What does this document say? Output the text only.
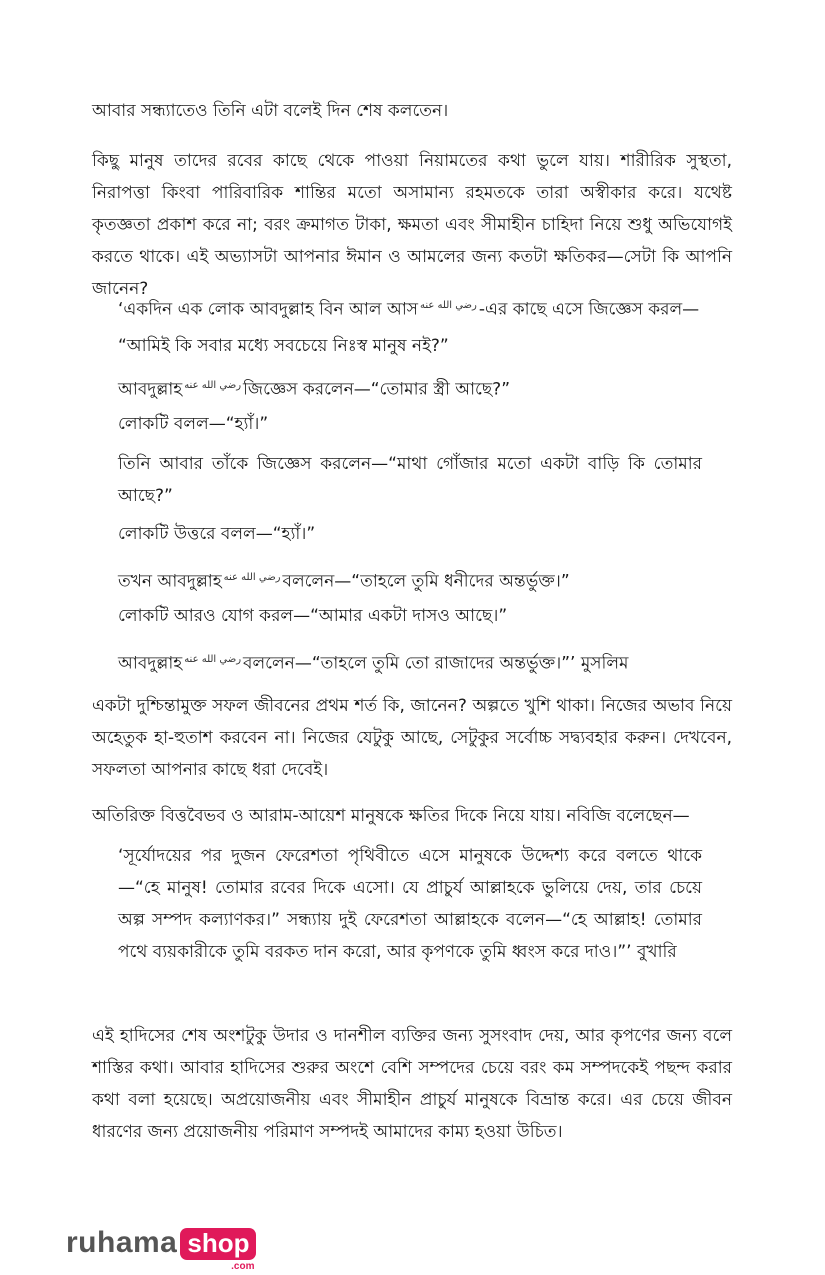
আবার সন্ধ্যাতেও তিনি এটা বলেই দিন শেষ কলতেন।
কিছু মানুষ তাদের রবের কাছে থেকে পাওয়া নিয়ামতের কথা ভুলে যায়। শারীরিক সুস্থতা, নিরাপত্তা কিংবা পারিবারিক শান্তির মতো অসামান্য রহমতকে তারা অস্বীকার করে। যথেষ্ট কৃতজ্ঞতা প্রকাশ করে না; বরং ক্রমাগত টাকা, ক্ষমতা এবং সীমাহীন চাহিদা নিয়ে শুধু অভিযোগই করতে থাকে। এই অভ্যাসটা আপনার ঈমান ও আমলের জন্য কতটা ক্ষতিকর—সেটা কি আপনি জানেন?
‘একদিন এক লোক আবদুল্লাহ বিন আল আস رضي الله عنه -এর কাছে এসে জিজ্ঞেস করল—
“আমিই কি সবার মধ্যে সবচেয়ে নিঃস্ব মানুষ নই?”
আবদুল্লাহ رضي الله عنه জিজ্ঞেস করলেন—“তোমার স্ত্রী আছে?”
লোকটি বলল—“হ্যাঁ।”
তিনি আবার তাঁকে জিজ্ঞেস করলেন—“মাথা গোঁজার মতো একটা বাড়ি কি তোমার আছে?”
লোকটি উত্তরে বলল—“হ্যাঁ।”
তখন আবদুল্লাহ رضي الله عنه বললেন—“তাহলে তুমি ধনীদের অন্তর্ভুক্ত।”
লোকটি আরও যোগ করল—“আমার একটা দাসও আছে।”
আবদুল্লাহ رضي الله عنه বললেন—“তাহলে তুমি তো রাজাদের অন্তর্ভুক্ত।”’ মুসলিম
একটা দুশ্চিন্তামুক্ত সফল জীবনের প্রথম শর্ত কি, জানেন? অল্পতে খুশি থাকা। নিজের অভাব নিয়ে অহেতুক হা-হুতাশ করবেন না। নিজের যেটুকু আছে, সেটুকুর সর্বোচ্চ সদ্ব্যবহার করুন। দেখবেন, সফলতা আপনার কাছে ধরা দেবেই।
অতিরিক্ত বিত্তবৈভব ও আরাম-আয়েশ মানুষকে ক্ষতির দিকে নিয়ে যায়। নবিজি বলেছেন—
‘সূর্যোদয়ের পর দুজন ফেরেশতা পৃথিবীতে এসে মানুষকে উদ্দেশ্য করে বলতে থাকে—“হে মানুষ! তোমার রবের দিকে এসো। যে প্রাচুর্য আল্লাহকে ভুলিয়ে দেয়, তার চেয়ে অল্প সম্পদ কল্যাণকর।” সন্ধ্যায় দুই ফেরেশতা আল্লাহকে বলেন—“হে আল্লাহ! তোমার পথে ব্যয়কারীকে তুমি বরকত দান করো, আর কৃপণকে তুমি ধ্বংস করে দাও।”’ বুখারি
এই হাদিসের শেষ অংশটুকু উদার ও দানশীল ব্যক্তির জন্য সুসংবাদ দেয়, আর কৃপণের জন্য বলে শাস্তির কথা। আবার হাদিসের শুরুর অংশে বেশি সম্পদের চেয়ে বরং কম সম্পদকেই পছন্দ করার কথা বলা হয়েছে। অপ্রয়োজনীয় এবং সীমাহীন প্রাচুর্য মানুষকে বিভ্রান্ত করে। এর চেয়ে জীবন ধারণের জন্য প্রয়োজনীয় পরিমাণ সম্পদই আমাদের কাম্য হওয়া উচিত।
ruhama shop
.com
